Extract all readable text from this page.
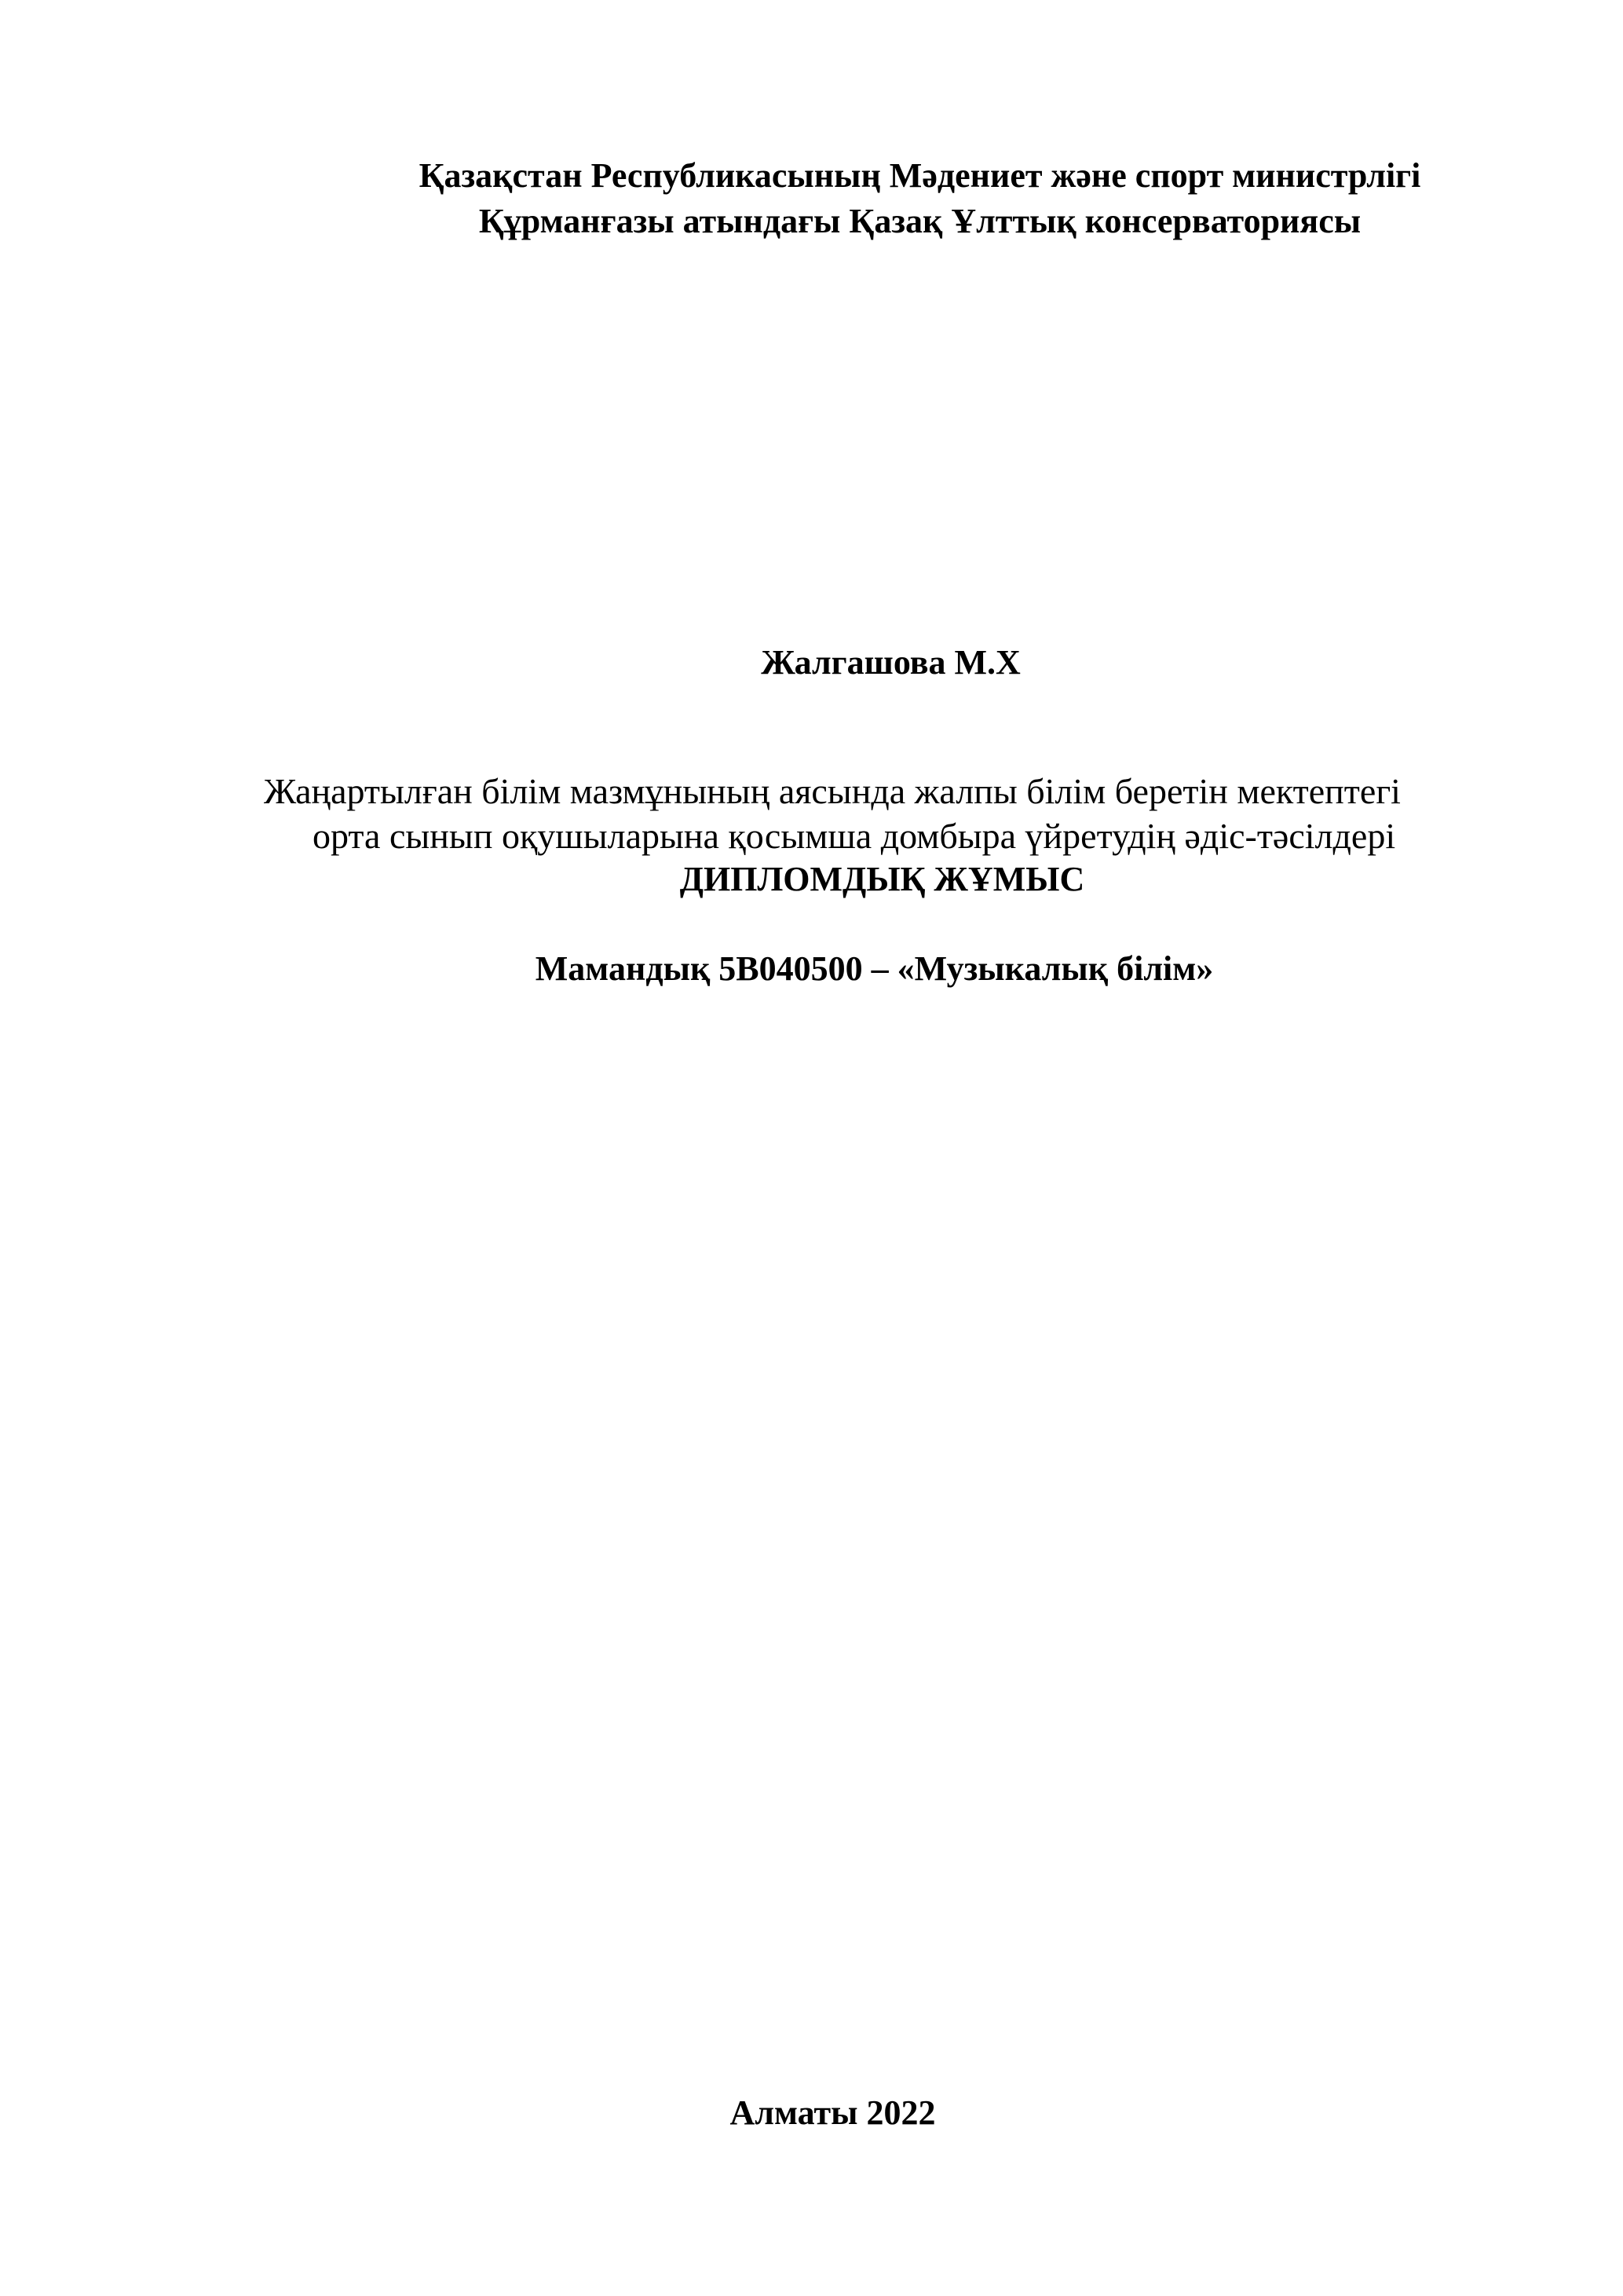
Қазақстан Республикасының Мәдениет және спорт министрлігі
Құрманғазы атындағы Қазақ Ұлттық консерваториясы
Жалгашова М.Х
Жаңартылған білім мазмұнының аясында жалпы білім беретін мектептегі
орта сынып оқушыларына қосымша домбыра үйретудің әдіс-тәсілдері
ДИПЛОМДЫҚ ЖҰМЫС
Мамандық 5В040500 – «Музыкалық білім»
Алматы 2022
